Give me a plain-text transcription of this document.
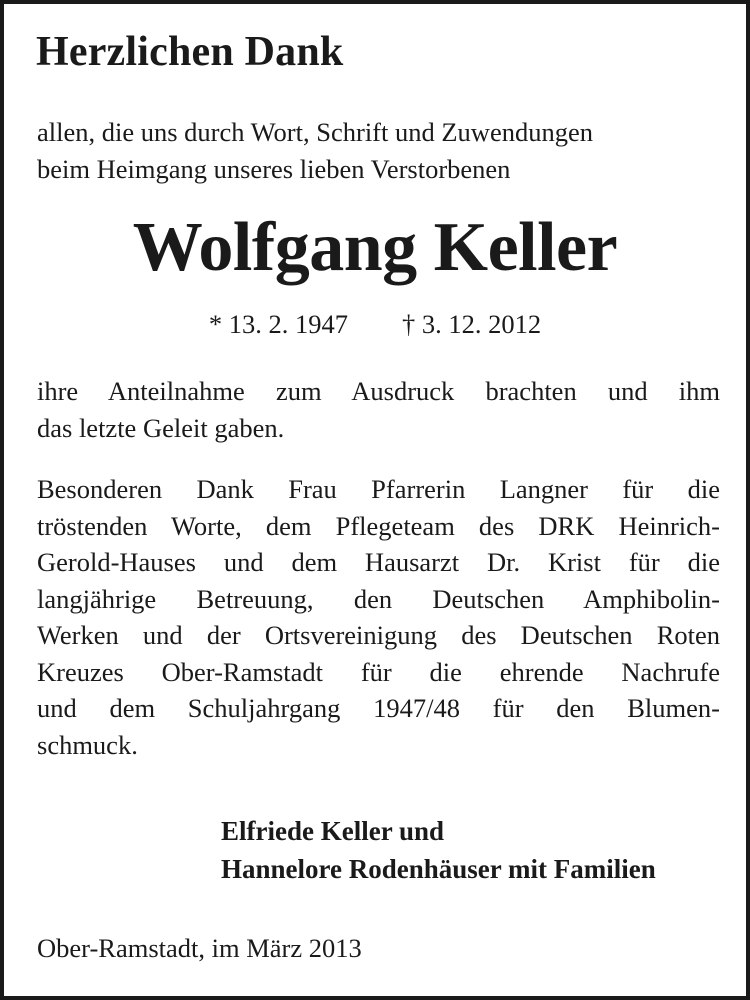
Herzlichen Dank

allen, die uns durch Wort, Schrift und Zuwendungen
beim Heimgang unseres lieben Verstorbenen

Wolfgang Keller
* 13. 2. 1947 † 3. 12. 2012

ihre Anteilnahme zum Ausdruck brachten und ihm
das letzte Geleit gaben.

Besonderen Dank Frau Pfarrerin Langner für die
tröstenden Worte, dem Pflegeteam des DRK Heinrich-
Gerold-Hauses und dem Hausarzt Dr. Krist für die
langjährige Betreuung, den Deutschen Amphibolin-
Werken und der Ortsvereinigung des Deutschen Roten
Kreuzes Ober-Ramstadt für die ehrende Nachrufe
und dem Schuljahrgang 1947/48 für den Blumen-
schmuck.

Elfriede Keller und
Hannelore Rodenhäuser mit Familien
Ober-Ramstadt, im März 2013
